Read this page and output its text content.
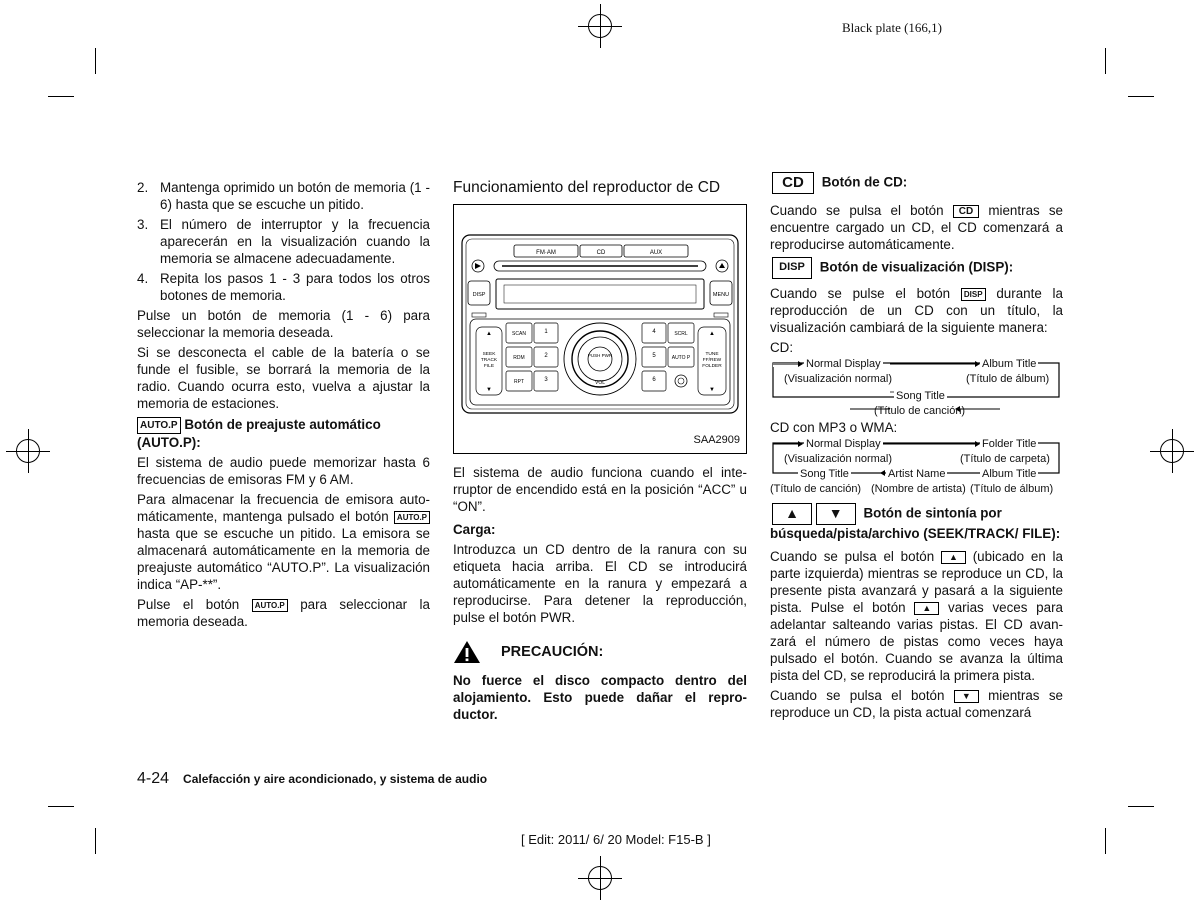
Black plate (166,1)
2. Mantenga oprimido un botón de memoria (1 - 6) hasta que se escuche un pitido.
3. El número de interruptor y la frecuencia aparecerán en la visualización cuando la memoria se almacene adecuadamente.
4. Repita los pasos 1 - 3 para todos los otros botones de memoria.

Pulse un botón de memoria (1 - 6) para seleccionar la memoria deseada.

Si se desconecta el cable de la batería o se funde el fusible, se borrará la memoria de la radio. Cuando ocurra esto, vuelva a ajustar la memoria de estaciones.

AUTO.P Botón de preajuste automático (AUTO.P):

El sistema de audio puede memorizar hasta 6 frecuencias de emisoras FM y 6 AM.

Para almacenar la frecuencia de emisora auto-máticamente, mantenga pulsado el botón AUTO.P hasta que se escuche un pitido. La emisora se almacenará automáticamente en la memoria de preajuste automático “AUTO.P”. La visualización indica “AP-**”.

Pulse el botón AUTO.P para seleccionar la memoria deseada.

Funcionamiento del reproductor de CD
FM·AM	CD	AUX
DISP	MENU
▲
SEEK
TRACK
FILE
▼
SCAN
RDM
RPT
1
2
3
PUSH PWR
VOL
4
5
6
SCRL
AUTO P
▲
TUNE
FF/REW
FOLDER
▼
SAA2909

El sistema de audio funciona cuando el inte-rruptor de encendido está en la posición “ACC” u “ON”.

Carga:

Introduzca un CD dentro de la ranura con su etiqueta hacia arriba. El CD se introducirá automáticamente en la ranura y empezará a reproducirse. Para detener la reproducción, pulse el botón PWR.

PRECAUCIÓN:

No fuerce el disco compacto dentro del alojamiento. Esto puede dañar el repro-ductor.

CD Botón de CD:

Cuando se pulsa el botón CD mientras se encuentre cargado un CD, el CD comenzará a reproducirse automáticamente.

DISP Botón de visualización (DISP):

Cuando se pulse el botón DISP durante la reproducción de un CD con un título, la visualización cambiará de la siguiente manera:

CD:

Normal Display
(Visualización normal)
Album Title
(Título de álbum)
Song Title
(Título de canción)

CD con MP3 o WMA:

Normal Display
(Visualización normal)
Folder Title
(Título de carpeta)
Song Title
(Título de canción)
Artist Name
(Nombre de artista)
Album Title
(Título de álbum)
▲ ▼ Botón de sintonía por búsqueda/pista/archivo (SEEK/TRACK/ FILE):

Cuando se pulsa el botón ▲ (ubicado en la parte izquierda) mientras se reproduce un CD, la presente pista avanzará y pasará a la siguiente pista. Pulse el botón ▲ varias veces para adelantar salteando varias pistas. El CD avan-zará el número de pistas como veces haya pulsado el botón. Cuando se avanza la última pista del CD, se reproducirá la primera pista.

Cuando se pulsa el botón ▼ mientras se reproduce un CD, la pista actual comenzará

4-24 Calefacción y aire acondicionado, y sistema de audio
[ Edit: 2011/ 6/ 20 Model: F15-B ]
